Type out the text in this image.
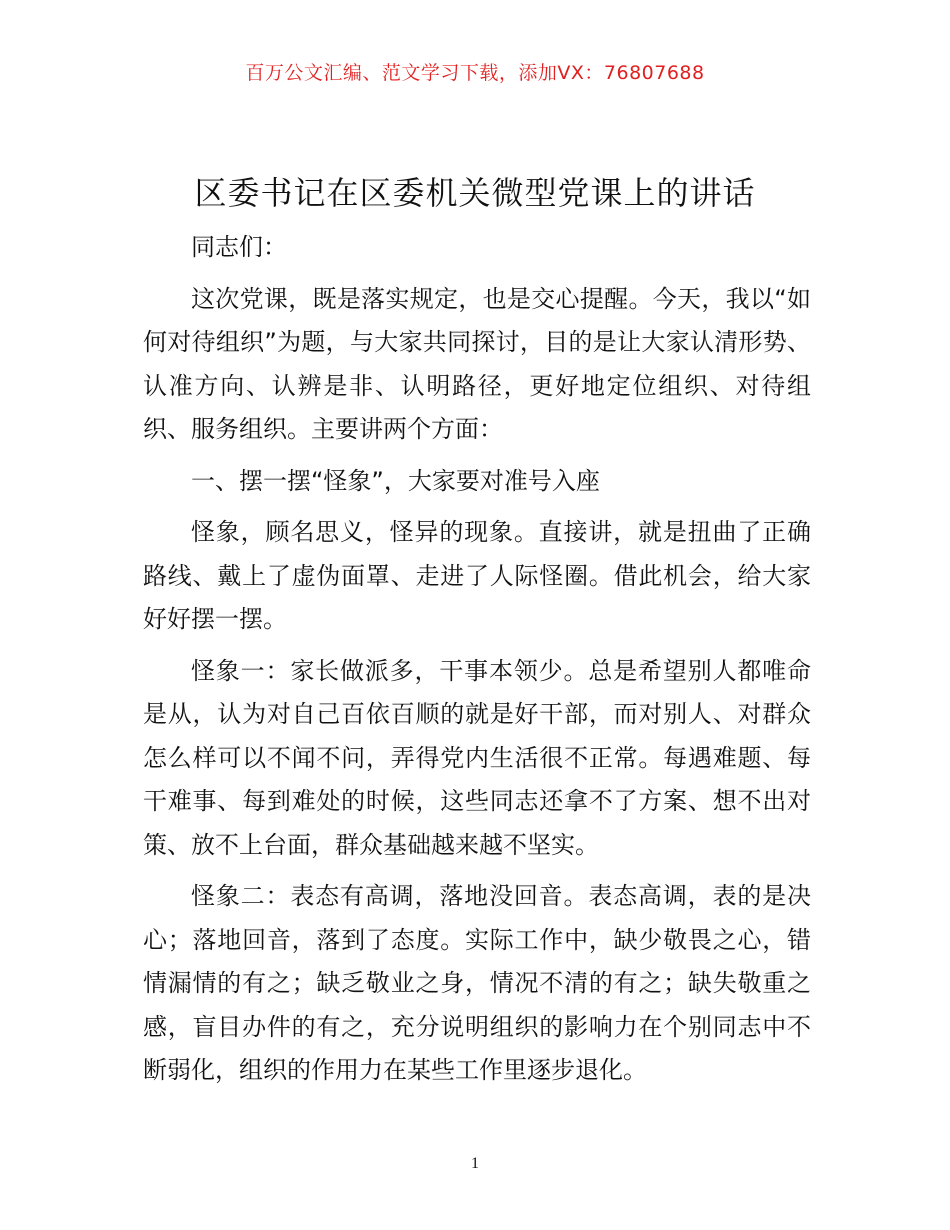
百万公文汇编、范文学习下载，添加VX：76807688
区委书记在区委机关微型党课上的讲话

同志们：

这次党课，既是落实规定，也是交心提醒。今天，我以“如何对待组织”为题，与大家共同探讨，目的是让大家认清形势、认准方向、认辨是非、认明路径，更好地定位组织、对待组织、服务组织。主要讲两个方面：

一、摆一摆“怪象”，大家要对准号入座

怪象，顾名思义，怪异的现象。直接讲，就是扭曲了正确路线、戴上了虚伪面罩、走进了人际怪圈。借此机会，给大家好好摆一摆。

怪象一：家长做派多，干事本领少。总是希望别人都唯命是从，认为对自己百依百顺的就是好干部，而对别人、对群众怎么样可以不闻不问，弄得党内生活很不正常。每遇难题、每干难事、每到难处的时候，这些同志还拿不了方案、想不出对策、放不上台面，群众基础越来越不坚实。

怪象二：表态有高调，落地没回音。表态高调，表的是决心；落地回音，落到了态度。实际工作中，缺少敬畏之心，错情漏情的有之；缺乏敬业之身，情况不清的有之；缺失敬重之感，盲目办件的有之，充分说明组织的影响力在个别同志中不断弱化，组织的作用力在某些工作里逐步退化。

1
